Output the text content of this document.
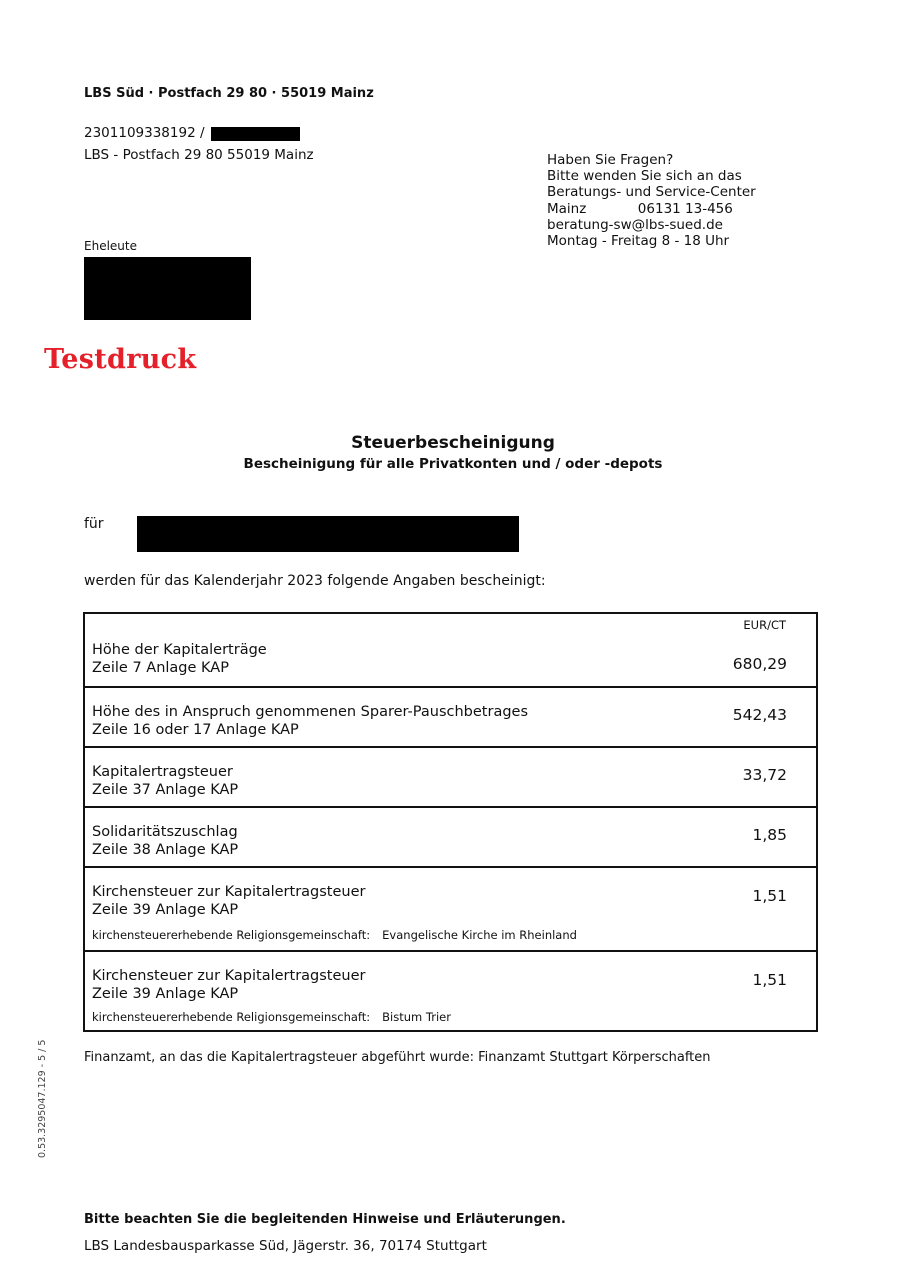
LBS Süd · Postfach 29 80 · 55019 Mainz
2301109338192 /
LBS - Postfach 29 80 55019 Mainz	Haben Sie Fragen?
Bitte wenden Sie sich an das
Beratungs- und Service-Center
Mainz            06131 13-456
beratung-sw@lbs-sued.de
Montag - Freitag 8 - 18 Uhr
Eheleute
Testdruck
Steuerbescheinigung
Bescheinigung für alle Privatkonten und / oder -depots
für
werden für das Kalenderjahr 2023 folgende Angaben bescheinigt:
EUR/CT
Höhe der Kapitalerträge
Zeile 7 Anlage KAP	680,29
Höhe des in Anspruch genommenen Sparer-Pauschbetrages
Zeile 16 oder 17 Anlage KAP
542,43
Kapitalertragsteuer
Zeile 37 Anlage KAP
33,72
Solidaritätszuschlag
Zeile 38 Anlage KAP
1,85
Kirchensteuer zur Kapitalertragsteuer
Zeile 39 Anlage KAP
kirchensteuererhebende Religionsgemeinschaft: Evangelische Kirche im Rheinland
1,51
Kirchensteuer zur Kapitalertragsteuer
Zeile 39 Anlage KAP
kirchensteuererhebende Religionsgemeinschaft: Bistum Trier
1,51
Finanzamt, an das die Kapitalertragsteuer abgeführt wurde: Finanzamt Stuttgart Körperschaften
0.53.3295047.129 - 5 / 5
Bitte beachten Sie die begleitenden Hinweise und Erläuterungen.
LBS Landesbausparkasse Süd, Jägerstr. 36, 70174 Stuttgart
